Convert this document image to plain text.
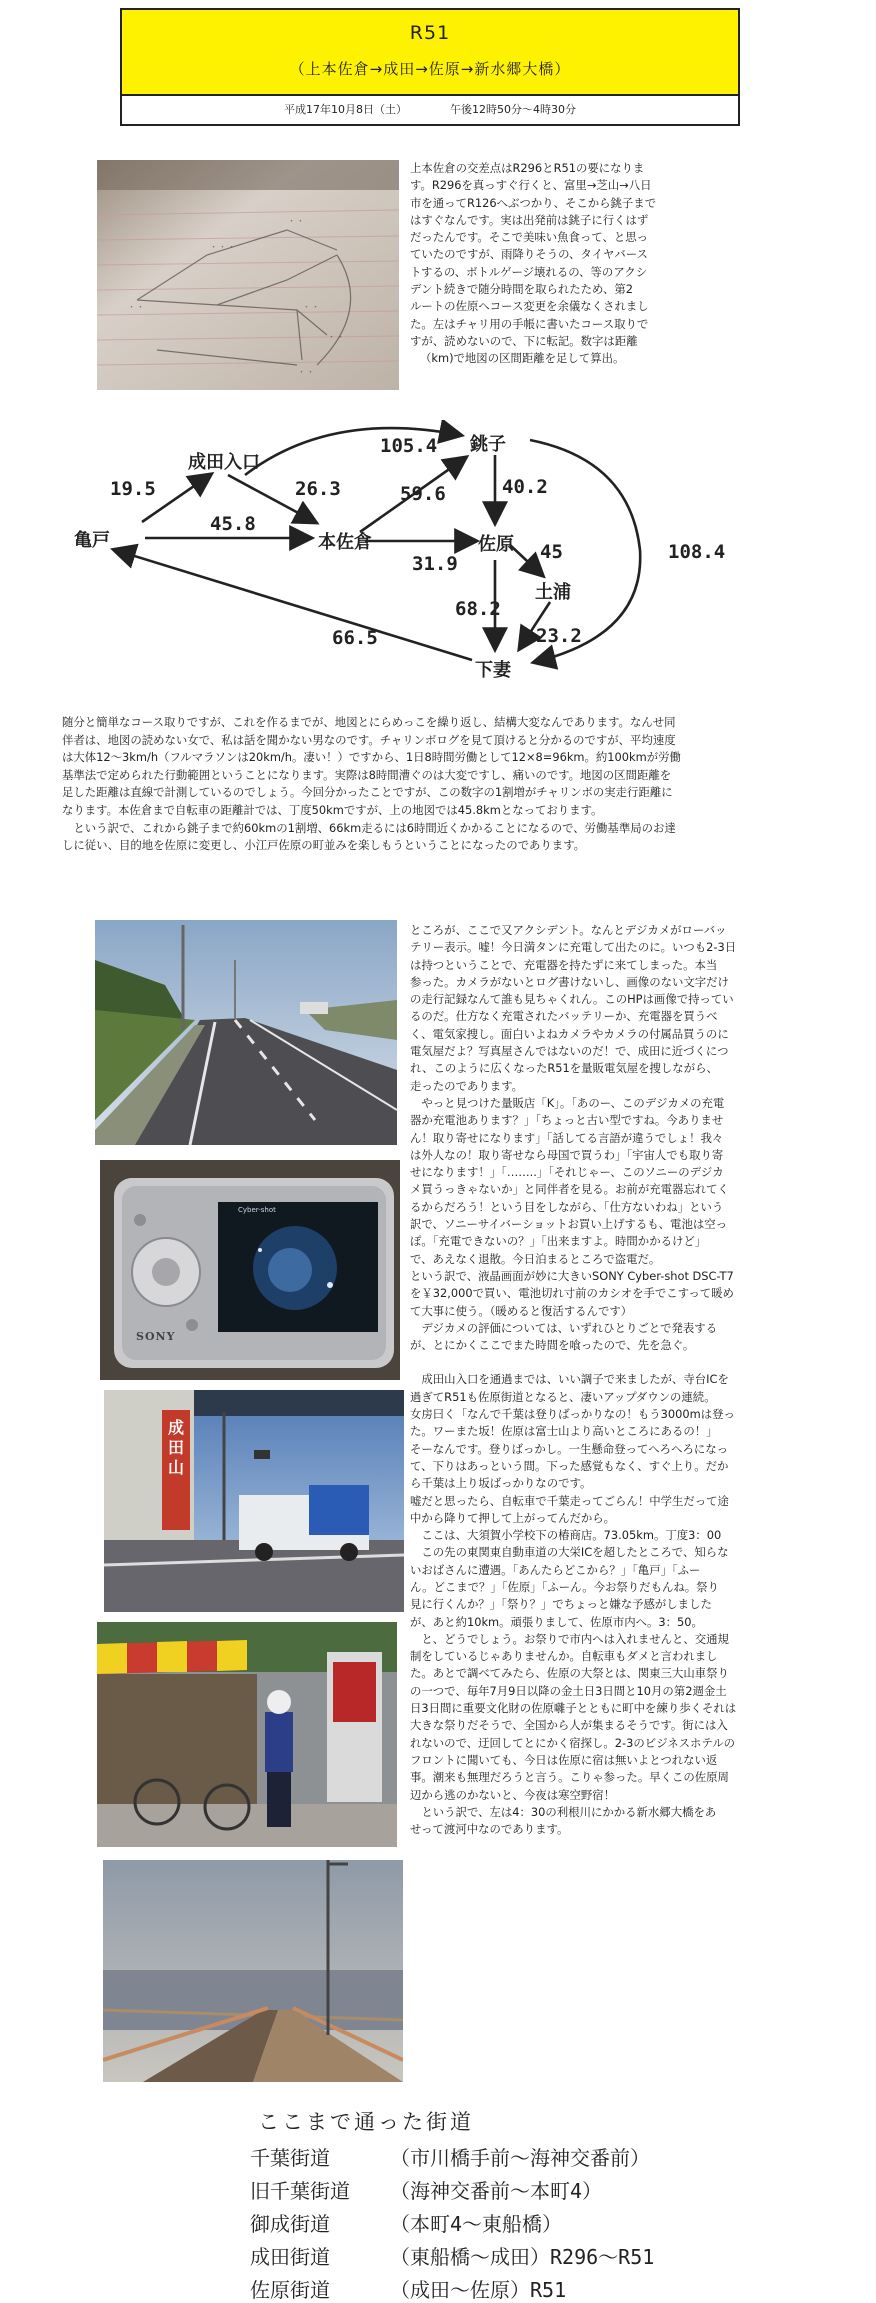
R51
（上本佐倉→成田→佐原→新水郷大橋）
平成17年10月8日（土）	午後12時50分～4時30分
・・
・・・
・・
・・
・・
・・
上本佐倉の交差点はR296とR51の要になりま
す。R296を真っすぐ行くと、富里→芝山→八日
市を通ってR126へぶつかり、そこから銚子まで
はすぐなんです。実は出発前は銚子に行くはず
だったんです。そこで美味い魚食って、と思っ
ていたのですが、雨降りそうの、タイヤバース
トするの、ボトルゲージ壊れるの、等のアクシ
デント続きで随分時間を取られたため、第2
ルートの佐原へコース変更を余儀なくされまし
た。左はチャリ用の手帳に書いたコース取りで
すが、読めないので、下に転記。数字は距離
（km)で地図の区間距離を足して算出。
亀戸
成田入口
本佐倉
銚子
佐原
土浦
下妻
19.5
105.4
26.3
45.8
59.6	40.2
31.9
45	108.4
68.2
23.2
66.5
随分と簡単なコース取りですが、これを作るまでが、地図とにらめっこを繰り返し、結構大変なんであります。なんせ同
伴者は、地図の読めない女で、私は話を聞かない男なのです。チャリンボログを見て頂けると分かるのですが、平均速度
は大体12～3km/h（フルマラソンは20km/h。凄い！）ですから、1日8時間労働として12×8=96km。約100kmが労働
基準法で定められた行動範囲ということになります。実際は8時間漕ぐのは大変ですし、痛いのです。地図の区間距離を
足した距離は直線で計測しているのでしょう。今回分かったことですが、この数字の1割増がチャリンボの実走行距離に
なります。本佐倉まで自転車の距離計では、丁度50kmですが、上の地図では45.8kmとなっております。
　という訳で、これから銚子まで約60kmの1割増、66km走るには6時間近くかかることになるので、労働基準局のお達
しに従い、目的地を佐原に変更し、小江戸佐原の町並みを楽しもうということになったのであります。
Cyber-shot
SONY
成田山
ところが、ここで又アクシデント。なんとデジカメがローバッ
テリー表示。嘘！今日満タンに充電して出たのに。いつも2-3日
は持つということで、充電器を持たずに来てしまった。本当
参った。カメラがないとログ書けないし、画像のない文字だけ
の走行記録なんて誰も見ちゃくれん。このHPは画像で持ってい
るのだ。仕方なく充電されたバッテリーか、充電器を買うべ
く、電気家捜し。面白いよねカメラやカメラの付属品買うのに
電気屋だよ？写真屋さんではないのだ！で、成田に近づくにつ
れ、このように広くなったR51を量販電気屋を捜しながら、
走ったのであります。
　やっと見つけた量販店「K」。「あのー、このデジカメの充電
器か充電池あります？」「ちょっと古い型ですね。今ありませ
ん！取り寄せになります」「話してる言語が違うでしょ！我々
は外人なの！取り寄せなら母国で買うわ」「宇宙人でも取り寄
せになります！」「……..」「それじゃー、このソニーのデジカ
メ買うっきゃないか」と同伴者を見る。お前が充電器忘れてく
るからだろう！という目をしながら、「仕方ないわね」という
訳で、ソニーサイバーショットお買い上げするも、電池は空っ
ぽ。「充電できないの？」「出来ますよ。時間かかるけど」
で、あえなく退散。今日泊まるところで盗電だ。
という訳で、液晶画面が妙に大きいSONY Cyber-shot DSC-T7
を￥32,000で買い、電池切れ寸前のカシオを手でこすって暖め
て大事に使う。（暖めると復活するんです）
　デジカメの評価については、いずれひとりごとで発表する
が、とにかくここでまた時間を喰ったので、先を急ぐ。
　成田山入口を通過までは、いい調子で来ましたが、寺台ICを
過ぎてR51も佐原街道となると、凄いアップダウンの連続。
女房曰く「なんで千葉は登りばっかりなの！もう3000mは登っ
た。ワーまた坂！佐原は富士山より高いところにあるの！」
そーなんです。登りばっかし。一生懸命登ってへろへろになっ
て、下りはあっという間。下った感覚もなく、すぐ上り。だか
ら千葉は上り坂ばっかりなのです。
嘘だと思ったら、自転車で千葉走ってごらん！中学生だって途
中から降りて押して上がってんだから。
　ここは、大須賀小学校下の椿商店。73.05km。丁度3：00
　この先の東関東自動車道の大栄ICを超したところで、知らな
いおばさんに遭遇。「あんたらどこから？」「亀戸」「ふー
ん。どこまで？」「佐原」「ふーん。今お祭りだもんね。祭り
見に行くんか？」「祭り？」でちょっと嫌な予感がしました
が、あと約10km。頑張りまして、佐原市内へ。3：50。
　と、どうでしょう。お祭りで市内へは入れませんと、交通規
制をしているじゃありませんか。自転車もダメと言われまし
た。あとで調べてみたら、佐原の大祭とは、関東三大山車祭り
の一つで、毎年7月9日以降の金土日3日間と10月の第2週金土
日3日間に重要文化財の佐原囃子とともに町中を練り歩くそれは
大きな祭りだそうで、全国から人が集まるそうです。街には入
れないので、迂回してとにかく宿探し。2-3のビジネスホテルの
フロントに聞いても、今日は佐原に宿は無いよとつれない返
事。潮来も無理だろうと言う。こりゃ参った。早くこの佐原周
辺から逃のかないと、今夜は寒空野宿！
　という訳で、左は4：30の利根川にかかる新水郷大橋をあ
せって渡河中なのであります。
ここまで通った街道
千葉街道	（市川橋手前～海神交番前）
旧千葉街道 （海神交番前～本町4）
御成街道	（本町4～東船橋）
成田街道	（東船橋～成田）R296～R51
佐原街道	（成田～佐原）R51
